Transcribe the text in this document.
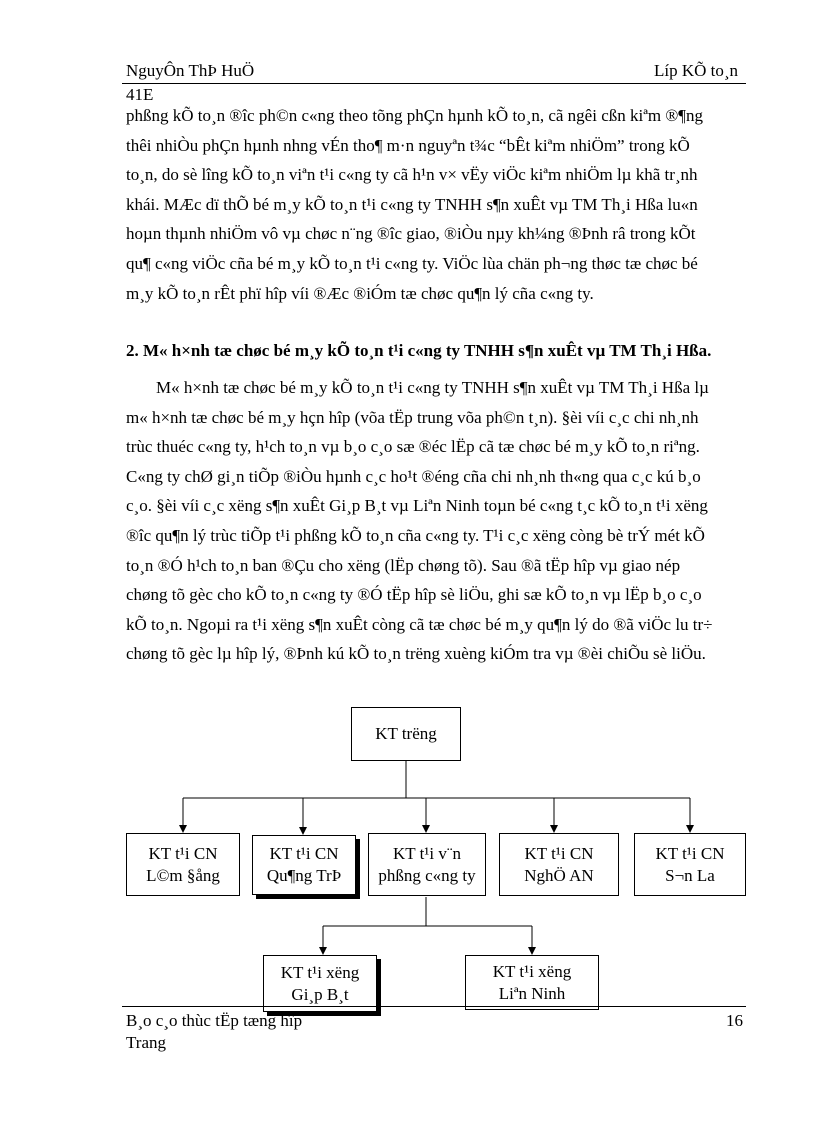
NguyÔn ThÞ HuÖ	Líp KÕ to¸n
41E
phßng kÕ to¸n ®îc ph©n c«ng theo tõng phÇn hµnh kÕ to¸n, cã ngêi cßn kiªm ®¶ng
thêi nhiÒu phÇn hµnh nhng vÉn tho¶ m·n nguyªn t¾c “bÊt kiªm nhiÖm” trong kÕ
to¸n, do sè lîng kÕ to¸n viªn t¹i c«ng ty cã h¹n v× vËy viÖc kiªm nhiÖm lµ khã tr¸nh
khái. MÆc dï thÕ bé m¸y kÕ to¸n t¹i c«ng ty TNHH s¶n xuÊt vµ TM Th¸i Hßa lu«n
hoµn thµnh nhiÖm vô vµ chøc n¨ng ®îc giao, ®iÒu nµy kh¼ng ®Þnh râ trong kÕt
qu¶ c«ng viÖc cña bé m¸y kÕ to¸n t¹i c«ng ty. ViÖc lùa chän ph¬ng thøc tæ chøc bé
m¸y kÕ to¸n rÊt phï hîp víi ®Æc ®iÓm tæ chøc qu¶n lý cña c«ng ty.
2. M« h×nh tæ chøc bé m¸y kÕ to¸n t¹i c«ng ty TNHH s¶n xuÊt vµ TM Th¸i Hßa.
M« h×nh tæ chøc bé m¸y kÕ to¸n t¹i c«ng ty TNHH s¶n xuÊt vµ TM Th¸i Hßa lµ
m« h×nh tæ chøc bé m¸y hçn hîp (võa tËp trung võa ph©n t¸n). §èi víi c¸c chi nh¸nh
trùc thuéc c«ng ty, h¹ch to¸n vµ b¸o c¸o sæ ®éc lËp cã tæ chøc bé m¸y kÕ to¸n riªng.
C«ng ty chØ gi¸n tiÕp ®iÒu hµnh c¸c ho¹t ®éng cña chi nh¸nh th«ng qua c¸c kú b¸o
c¸o. §èi víi c¸c xëng s¶n xuÊt Gi¸p B¸t vµ Liªn Ninh toµn bé c«ng t¸c kÕ to¸n t¹i xëng
®îc qu¶n lý trùc tiÕp t¹i phßng kÕ to¸n cña c«ng ty. T¹i c¸c xëng còng bè trÝ mét kÕ
to¸n ®Ó h¹ch to¸n ban ®Çu cho xëng (lËp chøng tõ). Sau ®ã tËp hîp vµ giao nép
chøng tõ gèc cho kÕ to¸n c«ng ty ®Ó tËp hîp sè liÖu, ghi sæ kÕ to¸n vµ lËp b¸o c¸o
kÕ to¸n. Ngoµi ra t¹i xëng s¶n xuÊt còng cã tæ chøc bé m¸y qu¶n lý do ®ã viÖc lu tr÷
chøng tõ gèc lµ hîp lý, ®Þnh kú kÕ to¸n trëng xuèng kiÓm tra vµ ®èi chiÕu sè liÖu.
KT trëng
KT t¹i CN
L©m §ång
KT t¹i CN
Qu¶ng TrÞ
KT t¹i v¨n
phßng c«ng ty
KT t¹i CN
NghÖ AN
KT t¹i CN
S¬n La
KT t¹i xëng
Gi¸p B¸t
KT t¹i xëng
Liªn Ninh
B¸o c¸o thùc tËp tæng hîp	16
Trang
